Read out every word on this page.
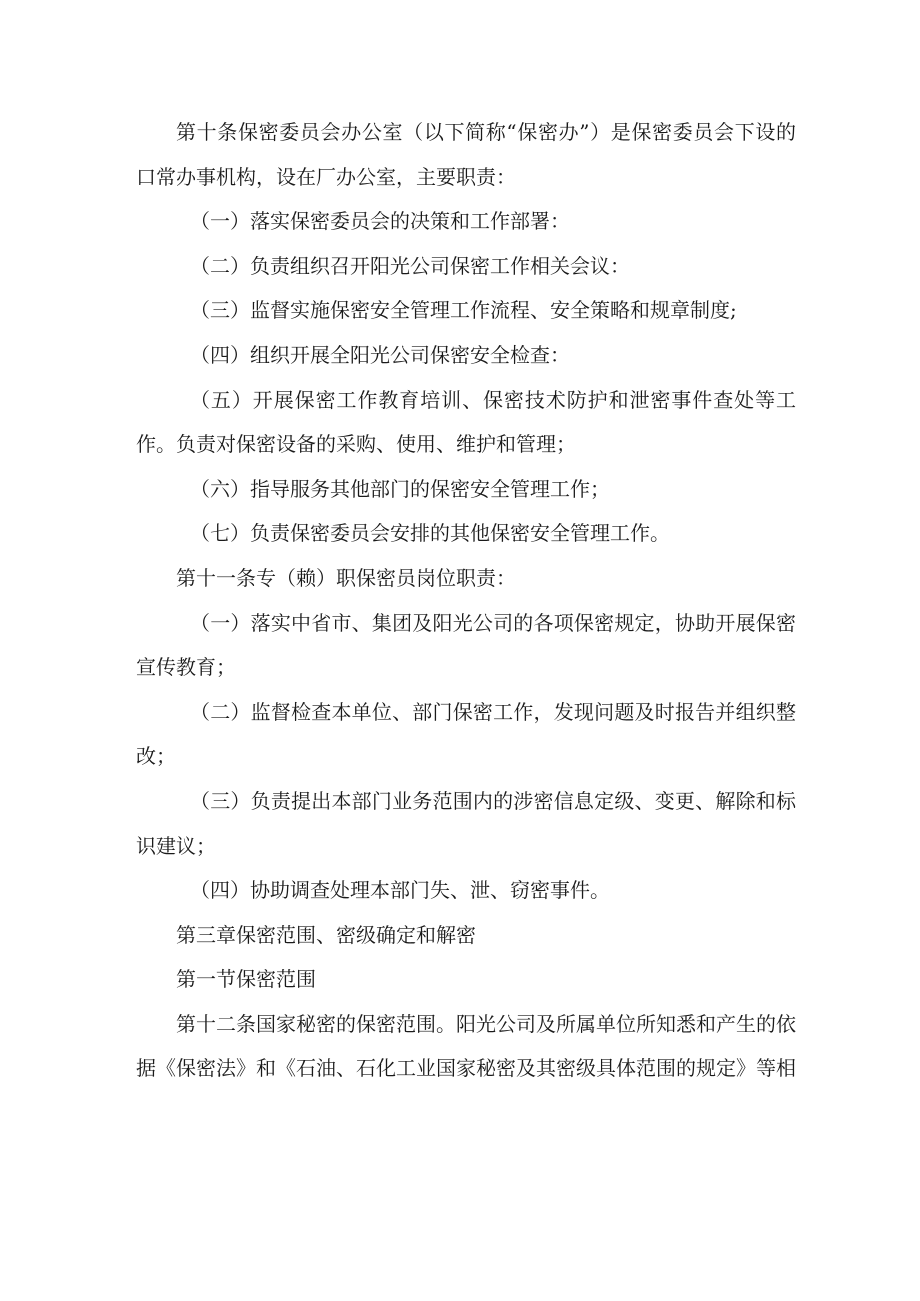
第十条保密委员会办公室（以下简称“保密办”）是保密委员会下设的口常办事机构，设在厂办公室，主要职责：

（一）落实保密委员会的决策和工作部署：

（二）负责组织召开阳光公司保密工作相关会议：

（三）监督实施保密安全管理工作流程、安全策略和规章制度;

（四）组织开展全阳光公司保密安全检查：

（五）开展保密工作教育培训、保密技术防护和泄密事件查处等工作。负责对保密设备的采购、使用、维护和管理；

（六）指导服务其他部门的保密安全管理工作；

（七）负责保密委员会安排的其他保密安全管理工作。

第十一条专（赖）职保密员岗位职责：

（一）落实中省市、集团及阳光公司的各项保密规定，协助开展保密宣传教育；

（二）监督检查本单位、部门保密工作，发现问题及时报告并组织整改；

（三）负责提出本部门业务范围内的涉密信息定级、变更、解除和标识建议；

（四）协助调查处理本部门失、泄、窃密事件。

第三章保密范围、密级确定和解密

第一节保密范围

第十二条国家秘密的保密范围。阳光公司及所属单位所知悉和产生的依据《保密法》和《石油、石化工业国家秘密及其密级具体范围的规定》等相
